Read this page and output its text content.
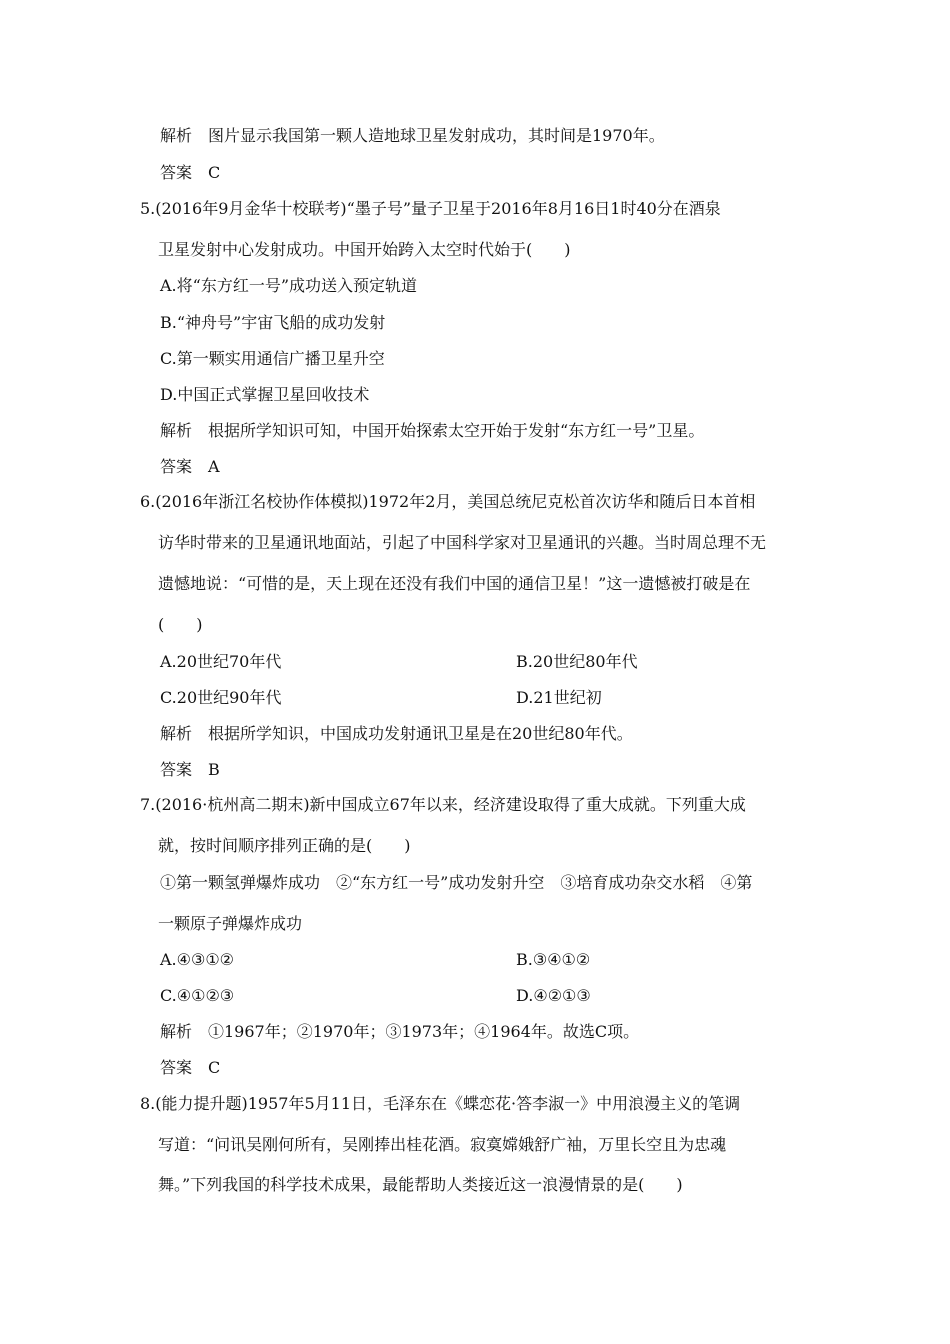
解析　图片显示我国第一颗人造地球卫星发射成功，其时间是1970年。
答案　C
5.(2016年9月金华十校联考)“墨子号”量子卫星于2016年8月16日1时40分在酒泉
卫星发射中心发射成功。中国开始跨入太空时代始于(　　)
A.将“东方红一号”成功送入预定轨道
B.“神舟号”宇宙飞船的成功发射
C.第一颗实用通信广播卫星升空
D.中国正式掌握卫星回收技术
解析　根据所学知识可知，中国开始探索太空开始于发射“东方红一号”卫星。
答案　A
6.(2016年浙江名校协作体模拟)1972年2月，美国总统尼克松首次访华和随后日本首相
访华时带来的卫星通讯地面站，引起了中国科学家对卫星通讯的兴趣。当时周总理不无
遗憾地说：“可惜的是，天上现在还没有我们中国的通信卫星！”这一遗憾被打破是在
(　　)
A.20世纪70年代	B.20世纪80年代
C.20世纪90年代	D.21世纪初
解析　根据所学知识，中国成功发射通讯卫星是在20世纪80年代。
答案　B
7.(2016·杭州高二期末)新中国成立67年以来，经济建设取得了重大成就。下列重大成
就，按时间顺序排列正确的是(　　)
①第一颗氢弹爆炸成功　②“东方红一号”成功发射升空　③培育成功杂交水稻　④第
一颗原子弹爆炸成功
A.④③①②	B.③④①②
C.④①②③	D.④②①③
解析　①1967年；②1970年；③1973年；④1964年。故选C项。
答案　C
8.(能力提升题)1957年5月11日，毛泽东在《蝶恋花·答李淑一》中用浪漫主义的笔调
写道：“问讯吴刚何所有，吴刚捧出桂花酒。寂寞嫦娥舒广袖，万里长空且为忠魂
舞。”下列我国的科学技术成果，最能帮助人类接近这一浪漫情景的是(　　)
